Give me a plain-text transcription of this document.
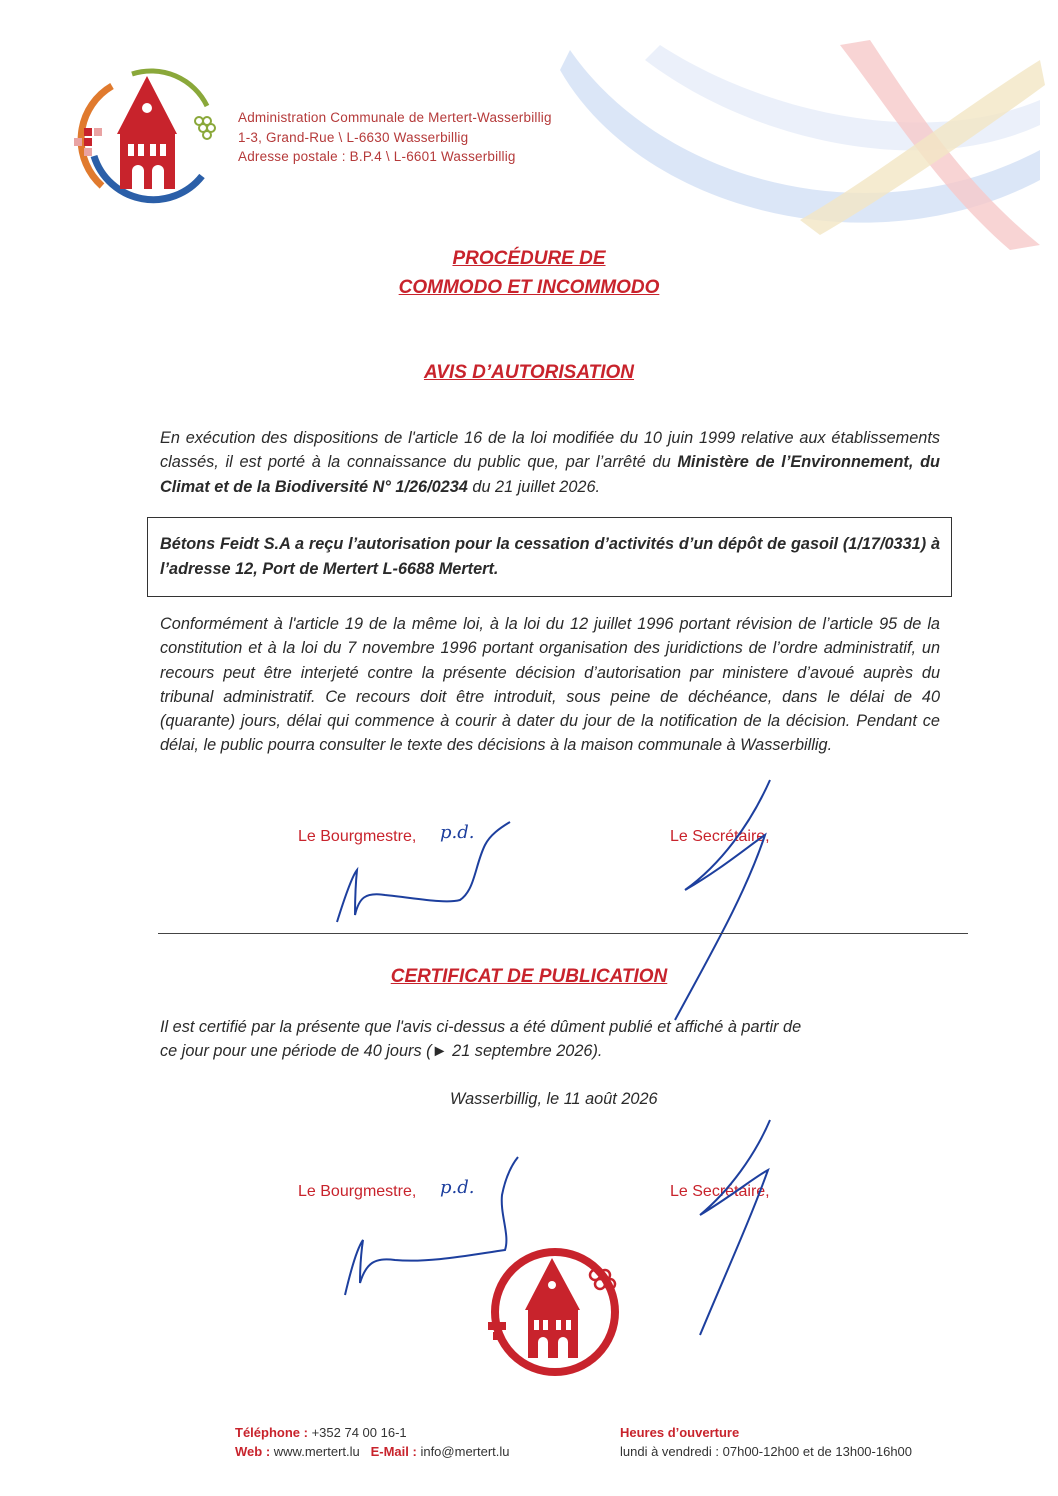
Administration Communale de Mertert-Wasserbillig
1-3, Grand-Rue \ L-6630 Wasserbillig
Adresse postale : B.P.4 \ L-6601 Wasserbillig
PROCÉDURE DE
COMMODO ET INCOMMODO
AVIS D’AUTORISATION
En exécution des dispositions de l'article 16 de la loi modifiée du 10 juin 1999 relative aux établissements classés, il est porté à la connaissance du public que, par l’arrêté du Ministère de l’Environnement, du Climat et de la Biodiversité N° 1/26/0234 du 21 juillet 2026.
Bétons Feidt S.A a reçu l’autorisation pour la cessation d’activités d’un dépôt de gasoil (1/17/0331) à l’adresse 12, Port de Mertert L-6688 Mertert.
Conformément à l'article 19 de la même loi, à la loi du 12 juillet 1996 portant révision de l’article 95 de la constitution et à la loi du 7 novembre 1996 portant organisation des juridictions de l’ordre administratif, un recours peut être interjeté contre la présente décision d’autorisation par ministere d’avoué auprès du tribunal administratif. Ce recours doit être introduit, sous peine de déchéance, dans le délai de 40 (quarante) jours, délai qui commence à courir à dater du jour de la notification de la décision. Pendant ce délai, le public pourra consulter le texte des décisions à la maison communale à Wasserbillig.
Le Bourgmestre,	Le Secrétaire,
p.d.
CERTIFICAT DE PUBLICATION
Il est certifié par la présente que l'avis ci-dessus a été dûment publié et affiché à partir de ce jour pour une période de 40 jours (► 21 septembre 2026).
Wasserbillig, le 11 août 2026
Le Bourgmestre,	Le Secrétaire,
p.d.
Téléphone : +352 74 00 16-1
Web : www.mertert.lu E-Mail : info@mertert.lu
Heures d’ouverture
lundi à vendredi : 07h00-12h00 et de 13h00-16h00
